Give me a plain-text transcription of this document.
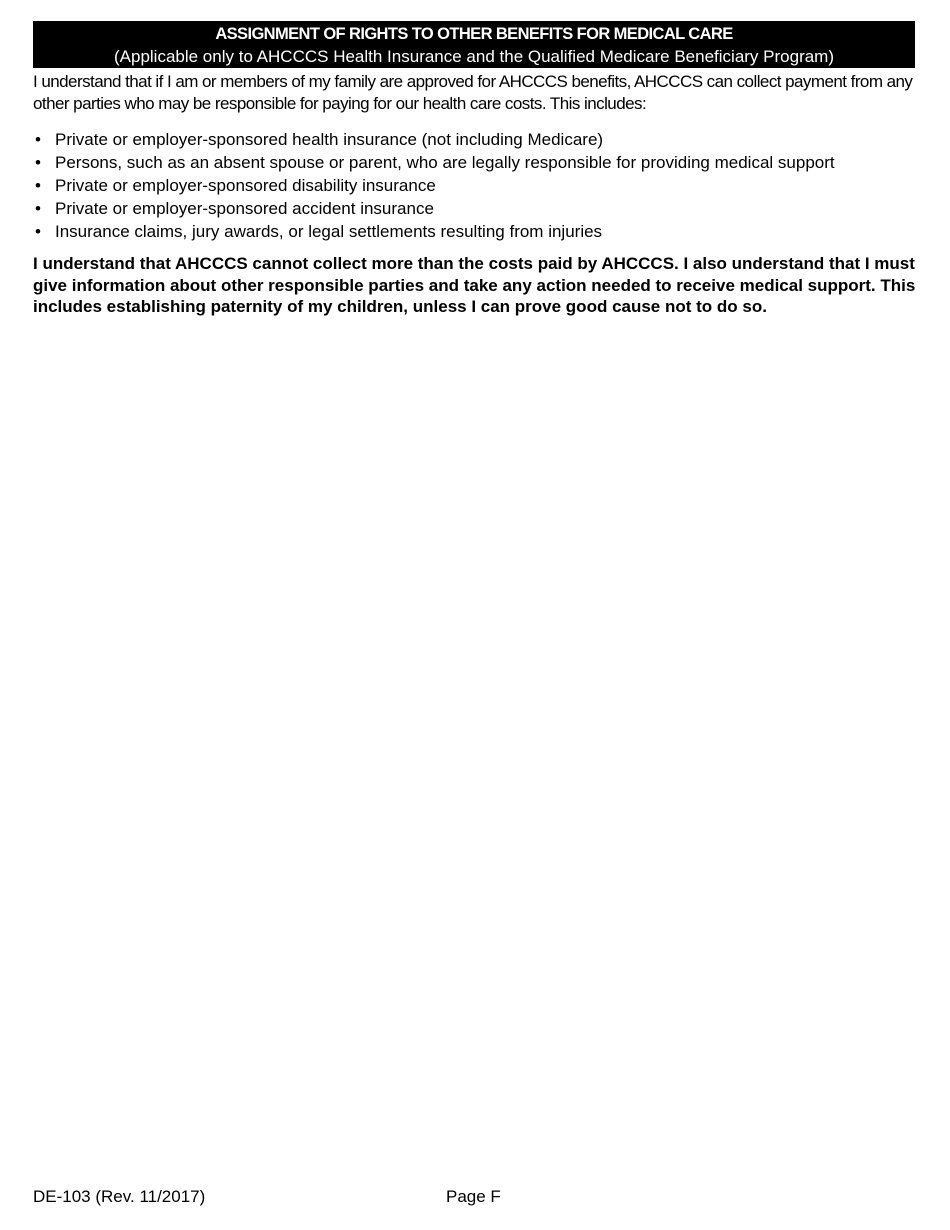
ASSIGNMENT OF RIGHTS TO OTHER BENEFITS FOR MEDICAL CARE
(Applicable only to AHCCCS Health Insurance and the Qualified Medicare Beneficiary Program)

I understand that if I am or members of my family are approved for AHCCCS benefits, AHCCCS can collect payment from any other parties who may be responsible for paying for our health care costs. This includes:

• Private or employer-sponsored health insurance (not including Medicare)
• Persons, such as an absent spouse or parent, who are legally responsible for providing medical support
• Private or employer-sponsored disability insurance
• Private or employer-sponsored accident insurance
• Insurance claims, jury awards, or legal settlements resulting from injuries

I understand that AHCCCS cannot collect more than the costs paid by AHCCCS. I also understand that I must give information about other responsible parties and take any action needed to receive medical support. This includes establishing paternity of my children, unless I can prove good cause not to do so.

DE-103 (Rev. 11/2017)	Page F
